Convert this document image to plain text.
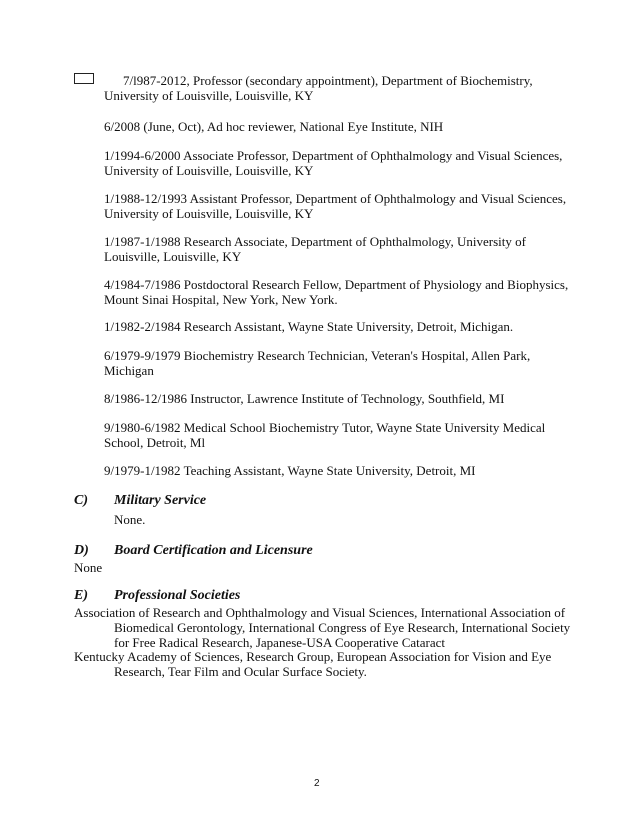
7/l987-2012, Professor (secondary appointment), Department of Biochemistry,
University of Louisville, Louisville, KY
6/2008 (June, Oct), Ad hoc reviewer, National Eye Institute, NIH
1/1994-6/2000 Associate Professor, Department of Ophthalmology and Visual Sciences,
University of Louisville, Louisville, KY
1/1988-12/1993 Assistant Professor, Department of Ophthalmology and Visual Sciences,
University of Louisville, Louisville, KY
1/1987-1/1988 Research Associate, Department of Ophthalmology, University of
Louisville, Louisville, KY
4/1984-7/1986 Postdoctoral Research Fellow, Department of Physiology and Biophysics,
Mount Sinai Hospital, New York, New York.
1/1982-2/1984 Research Assistant, Wayne State University, Detroit, Michigan.
6/1979-9/1979 Biochemistry Research Technician, Veteran's Hospital, Allen Park,
Michigan
8/1986-12/1986 Instructor, Lawrence Institute of Technology, Southfield, MI
9/1980-6/1982 Medical School Biochemistry Tutor, Wayne State University Medical
School, Detroit, Ml
9/1979-1/1982 Teaching Assistant, Wayne State University, Detroit, MI
C) Military Service
None.
D) Board Certification and Licensure
None
E) Professional Societies
Association of Research and Ophthalmology and Visual Sciences, International Association of
Biomedical Gerontology, International Congress of Eye Research, International Society
for Free Radical Research, Japanese-USA Cooperative Cataract
Kentucky Academy of Sciences, Research Group, European Association for Vision and Eye
Research, Tear Film and Ocular Surface Society.
2
